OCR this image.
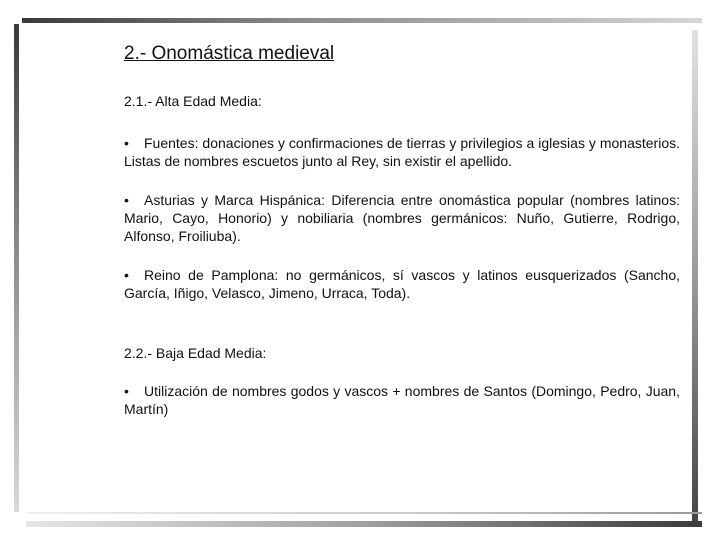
2.- Onomástica medieval

2.1.- Alta Edad Media:

• Fuentes: donaciones y confirmaciones de tierras y privilegios a iglesias y monasterios. Listas de nombres escuetos junto al Rey, sin existir el apellido.

• Asturias y Marca Hispánica: Diferencia entre onomástica popular (nombres latinos: Mario, Cayo, Honorio) y nobiliaria (nombres germánicos: Nuño, Gutierre, Rodrigo, Alfonso, Froiliuba).

• Reino de Pamplona: no germánicos, sí vascos y latinos eusquerizados (Sancho, García, Iñigo, Velasco, Jimeno, Urraca, Toda).

2.2.- Baja Edad Media:

• Utilización de nombres godos y vascos + nombres de Santos (Domingo, Pedro, Juan, Martín)
